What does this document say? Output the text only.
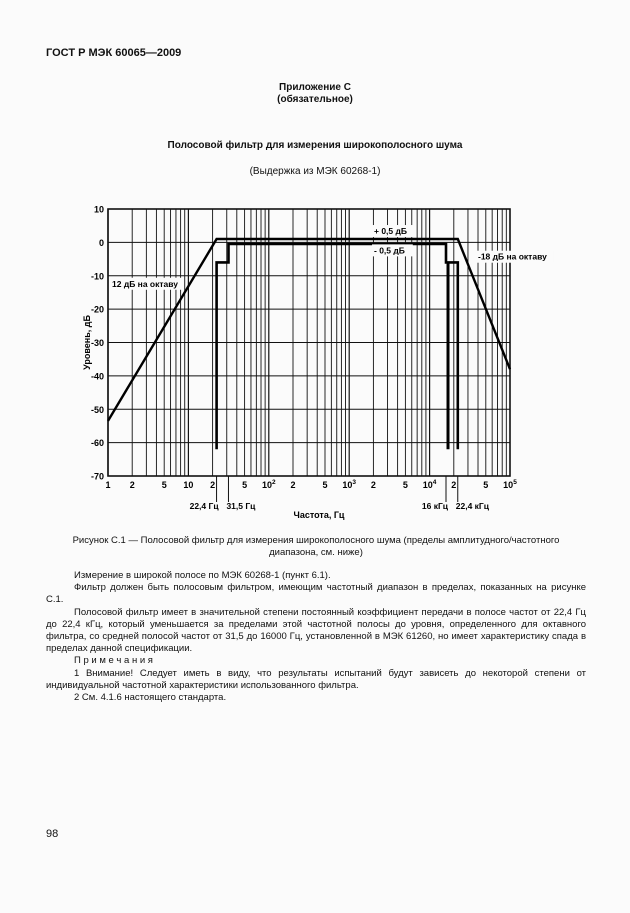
ГОСТ Р МЭК 60065—2009
Приложение С
(обязательное)
Полосовой фильтр для измерения широкополосного шума
(Выдержка из МЭК 60268-1)
10
0
-10
-20
-30
-40
-50
-60
-70
1 2	5 10 2	5 $10^2$ 2	5 $10^3$ 2	5 $10^4$ 2	5 $10^5$
22,4 Гц 31,5 Гц	16 кГц 22,4 кГц
Частота, Гц
Уровень, дБ
+ 0,5 дБ
- 0,5 дБ
12 дБ на октаву
-18 дБ на октаву
Рисунок С.1 — Полосовой фильтр для измерения широкополосного шума (пределы амплитудного/частотного
диапазона, см. ниже)

Измерение в широкой полосе по МЭК 60268-1 (пункт 6.1).

Фильтр должен быть полосовым фильтром, имеющим частотный диапазон в пределах, показанных на рисунке С.1.

Полосовой фильтр имеет в значительной степени постоянный коэффициент передачи в полосе частот от 22,4 Гц до 22,4 кГц, который уменьшается за пределами этой частотной полосы до уровня, определенного для октавного фильтра, со средней полосой частот от 31,5 до 16000 Гц, установленной в МЭК 61260, но имеет характеристику спада в пределах данной спецификации.

П р и м е ч а н и я

1 Внимание! Следует иметь в виду, что результаты испытаний будут зависеть до некоторой степени от индивидуальной частотной характеристики использованного фильтра.

2 См. 4.1.6 настоящего стандарта.

98
